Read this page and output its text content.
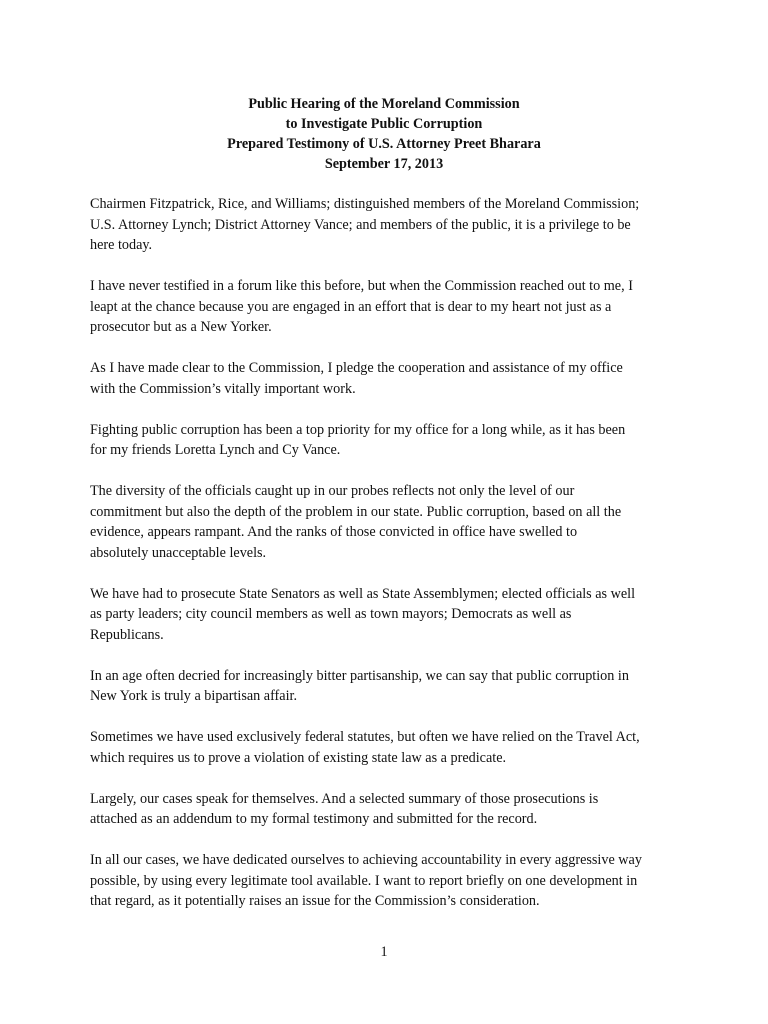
Public Hearing of the Moreland Commission
to Investigate Public Corruption
Prepared Testimony of U.S. Attorney Preet Bharara
September 17, 2013

Chairmen Fitzpatrick, Rice, and Williams; distinguished members of the Moreland Commission;
U.S. Attorney Lynch; District Attorney Vance; and members of the public, it is a privilege to be
here today.

I have never testified in a forum like this before, but when the Commission reached out to me, I
leapt at the chance because you are engaged in an effort that is dear to my heart not just as a
prosecutor but as a New Yorker.

As I have made clear to the Commission, I pledge the cooperation and assistance of my office
with the Commission’s vitally important work.

Fighting public corruption has been a top priority for my office for a long while, as it has been
for my friends Loretta Lynch and Cy Vance.

The diversity of the officials caught up in our probes reflects not only the level of our
commitment but also the depth of the problem in our state. Public corruption, based on all the
evidence, appears rampant. And the ranks of those convicted in office have swelled to
absolutely unacceptable levels.

We have had to prosecute State Senators as well as State Assemblymen; elected officials as well
as party leaders; city council members as well as town mayors; Democrats as well as
Republicans.

In an age often decried for increasingly bitter partisanship, we can say that public corruption in
New York is truly a bipartisan affair.

Sometimes we have used exclusively federal statutes, but often we have relied on the Travel Act,
which requires us to prove a violation of existing state law as a predicate.

Largely, our cases speak for themselves. And a selected summary of those prosecutions is
attached as an addendum to my formal testimony and submitted for the record.

In all our cases, we have dedicated ourselves to achieving accountability in every aggressive way
possible, by using every legitimate tool available. I want to report briefly on one development in
that regard, as it potentially raises an issue for the Commission’s consideration.

1
